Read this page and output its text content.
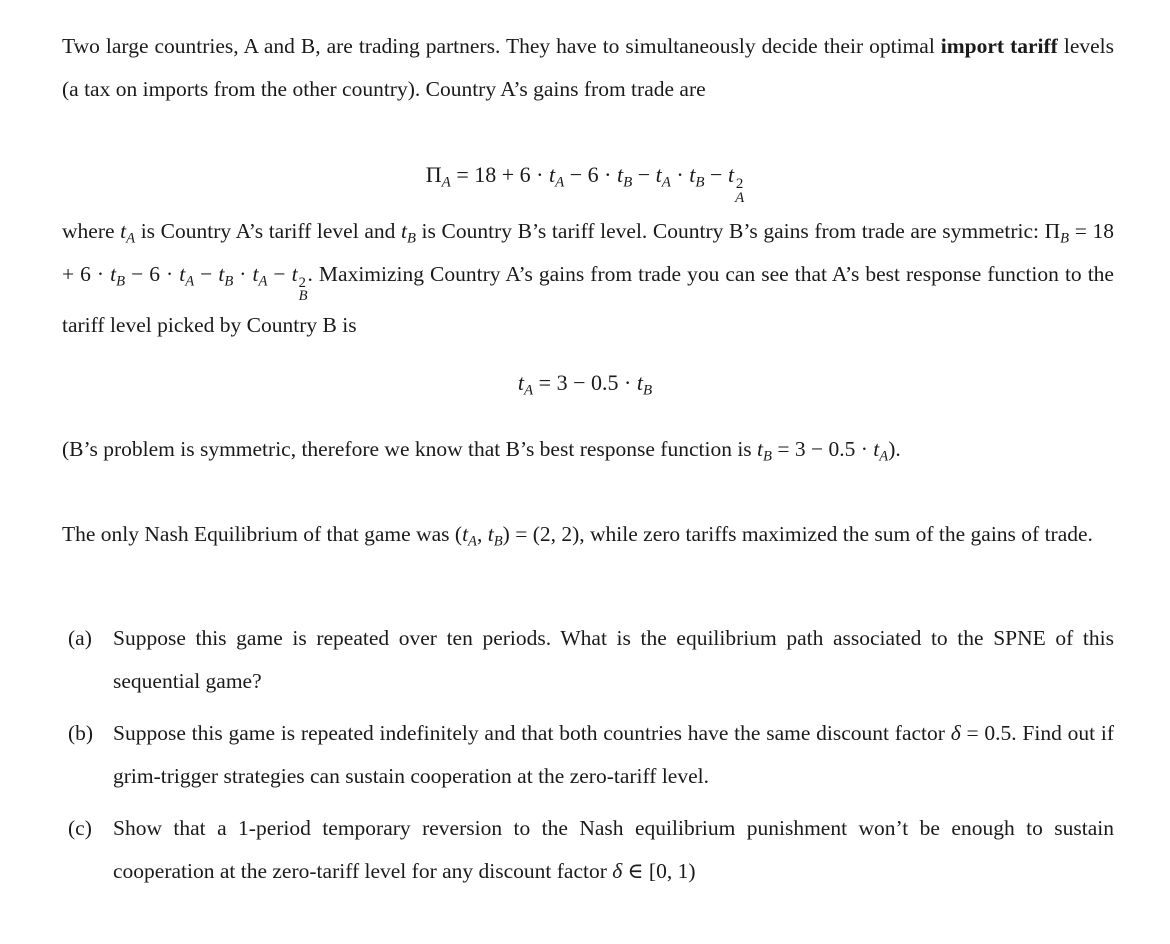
Two large countries, A and B, are trading partners. They have to simultaneously decide their optimal import tariff levels (a tax on imports from the other country). Country A’s gains from trade are

$\Pi_A = 18 + 6 \cdot t_A - 6 \cdot t_B - t_A \cdot t_B - t$ 2
A

where $t_A$ is Country A’s tariff level and $t_B$ is Country B’s tariff level. Country B’s gains from trade are symmetric: $\Pi_B = 18 + 6 \cdot t_B - 6 \cdot t_A - t_B \cdot t_A - t$ 2
B
. Maximizing Country A’s gains from trade you can see that A’s best response function to the tariff level picked by Country B is

$t_A = 3 - 0.5 \cdot t_B$

(B’s problem is symmetric, therefore we know that B’s best response function is $t_B = 3 - 0.5 \cdot t_A$).

The only Nash Equilibrium of that game was ($t_A$, $t_B) = (2$, 2), while zero tariffs maximized the sum of the gains of trade.

(a) Suppose this game is repeated over ten periods. What is the equilibrium path associated to the SPNE of this sequential game?

(b) Suppose this game is repeated indefinitely and that both countries have the same discount factor δ = 0.5. Find out if grim-trigger strategies can sustain cooperation at the zero-tariff level.

(c) Show that a 1-period temporary reversion to the Nash equilibrium punishment won’t be enough to sustain cooperation at the zero-tariff level for any discount factor δ ∈ [0, 1)
